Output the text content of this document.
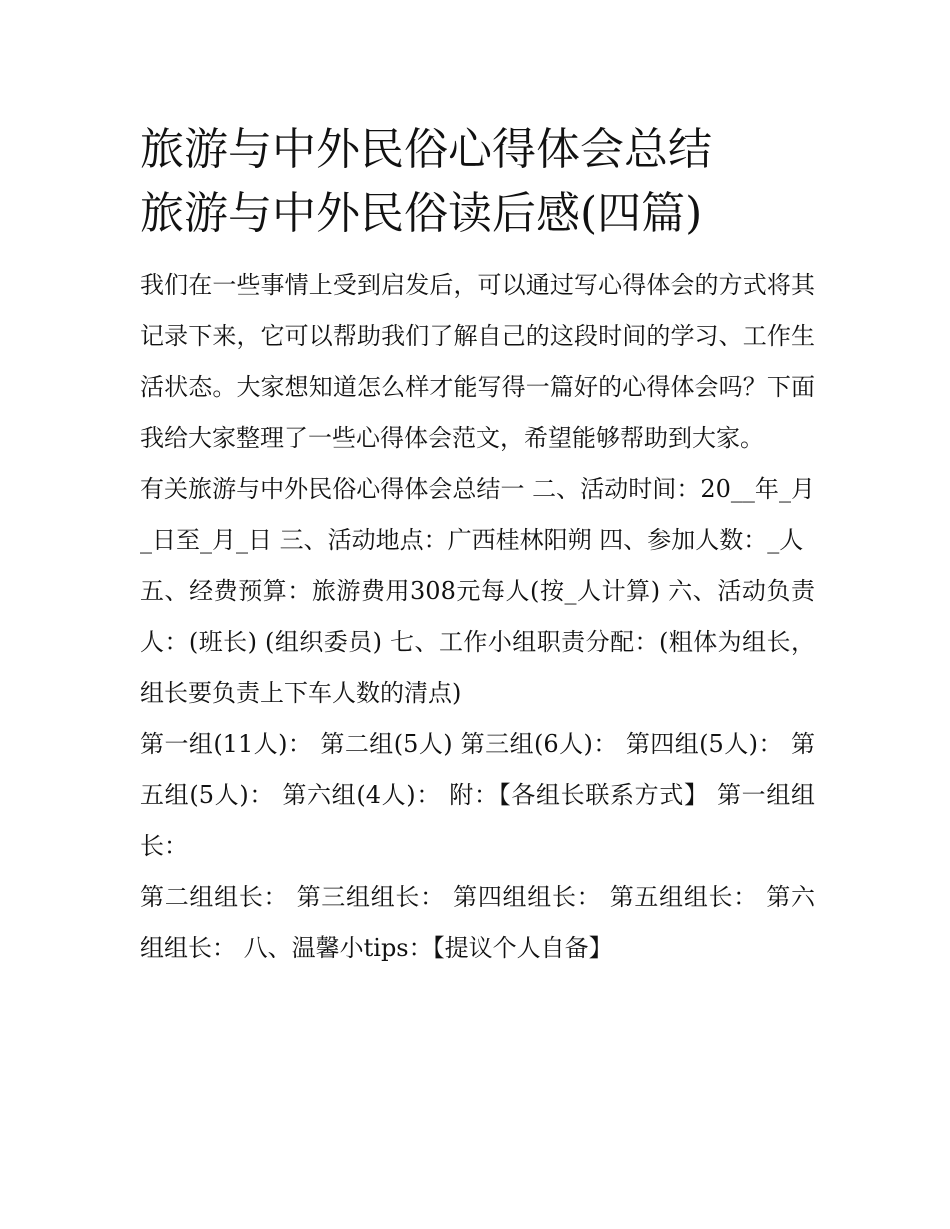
旅游与中外民俗心得体会总结
旅游与中外民俗读后感(四篇)

我们在一些事情上受到启发后，可以通过写心得体会的方式将其记录下来，它可以帮助我们了解自己的这段时间的学习、工作生活状态。大家想知道怎么样才能写得一篇好的心得体会吗？下面我给大家整理了一些心得体会范文，希望能够帮助到大家。

有关旅游与中外民俗心得体会总结一 二、活动时间：20__年_月_日至_月_日 三、活动地点：广西桂林阳朔 四、参加人数：_人

五、经费预算：旅游费用308元每人(按_人计算) 六、活动负责人：(班长) (组织委员) 七、工作小组职责分配：(粗体为组长，组长要负责上下车人数的清点)

第一组(11人)： 第二组(5人) 第三组(6人)： 第四组(5人)： 第五组(5人)： 第六组(4人)： 附：【各组长联系方式】 第一组组长：

第二组组长： 第三组组长： 第四组组长： 第五组组长： 第六组组长： 八、温馨小tips：【提议个人自备】
